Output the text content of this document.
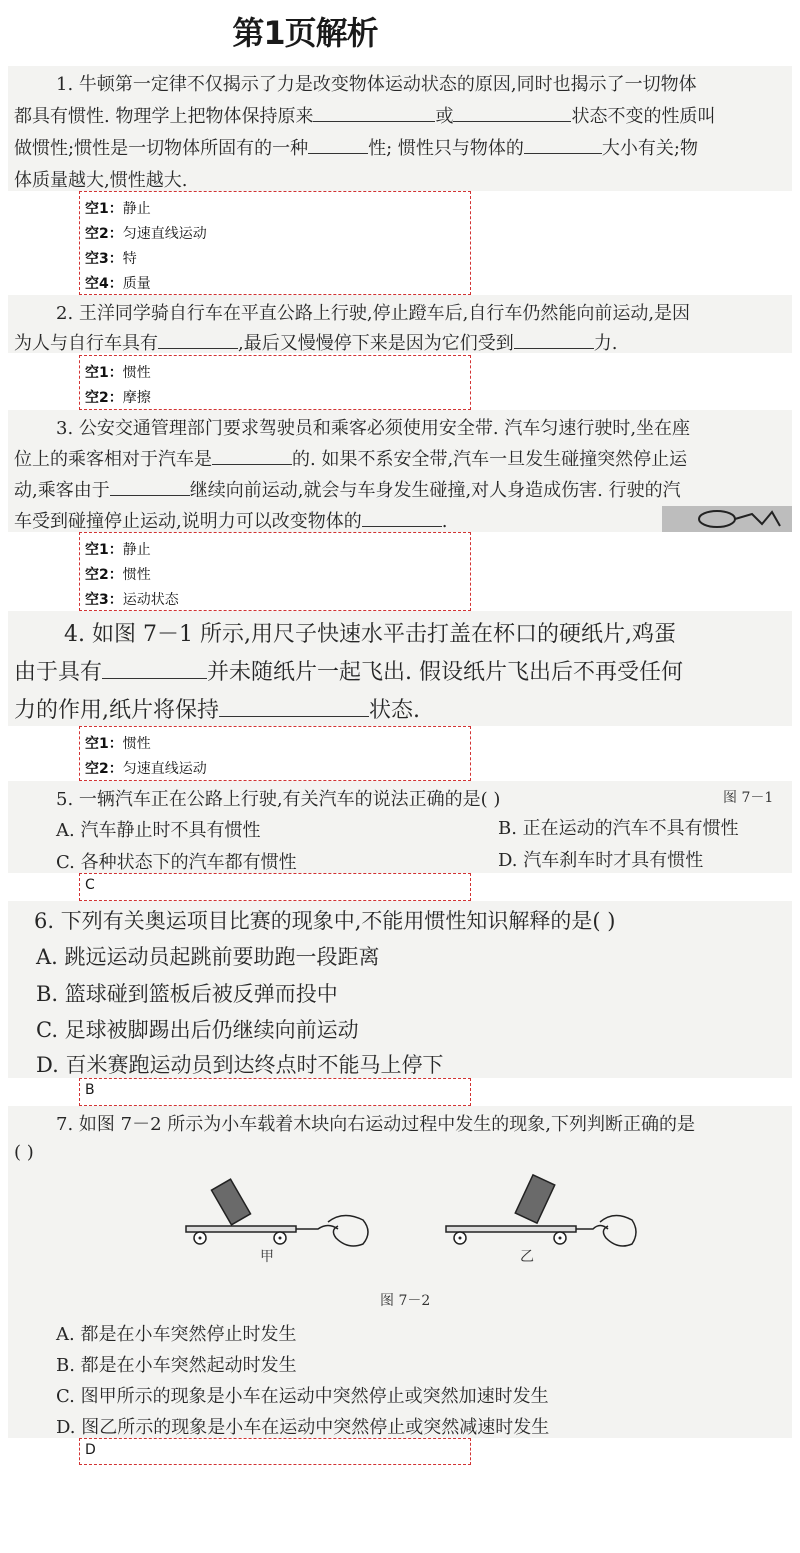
第1页解析
1. 牛顿第一定律不仅揭示了力是改变物体运动状态的原因,同时也揭示了一切物体
都具有惯性. 物理学上把物体保持原来	或	状态不变的性质叫
做惯性;惯性是一切物体所固有的一种	性; 惯性只与物体的	大小有关;物
体质量越大,惯性越大.
空1：静止
空2：匀速直线运动
空3：特
空4：质量
2. 王洋同学骑自行车在平直公路上行驶,停止蹬车后,自行车仍然能向前运动,是因
为人与自行车具有	,最后又慢慢停下来是因为它们受到	力.
空1：惯性
空2：摩擦
3. 公安交通管理部门要求驾驶员和乘客必须使用安全带. 汽车匀速行驶时,坐在座
位上的乘客相对于汽车是	的. 如果不系安全带,汽车一旦发生碰撞突然停止运
动,乘客由于	继续向前运动,就会与车身发生碰撞,对人身造成伤害. 行驶的汽
车受到碰撞停止运动,说明力可以改变物体的	.
空1：静止
空2：惯性
空3：运动状态
4. 如图 7－1 所示,用尺子快速水平击打盖在杯口的硬纸片,鸡蛋
由于具有	并未随纸片一起飞出. 假设纸片飞出后不再受任何
力的作用,纸片将保持	状态.
空1：惯性
空2：匀速直线运动
5. 一辆汽车正在公路上行驶,有关汽车的说法正确的是( )	图 7－1
A. 汽车静止时不具有惯性	B. 正在运动的汽车不具有惯性
C. 各种状态下的汽车都有惯性	D. 汽车刹车时才具有惯性
C
6. 下列有关奥运项目比赛的现象中,不能用惯性知识解释的是( )
A. 跳远运动员起跳前要助跑一段距离
B. 篮球碰到篮板后被反弹而投中
C. 足球被脚踢出后仍继续向前运动
D. 百米赛跑运动员到达终点时不能马上停下
B
7. 如图 7－2 所示为小车载着木块向右运动过程中发生的现象,下列判断正确的是
( )
甲	乙
图 7－2
A. 都是在小车突然停止时发生
B. 都是在小车突然起动时发生
C. 图甲所示的现象是小车在运动中突然停止或突然加速时发生
D. 图乙所示的现象是小车在运动中突然停止或突然减速时发生
D
